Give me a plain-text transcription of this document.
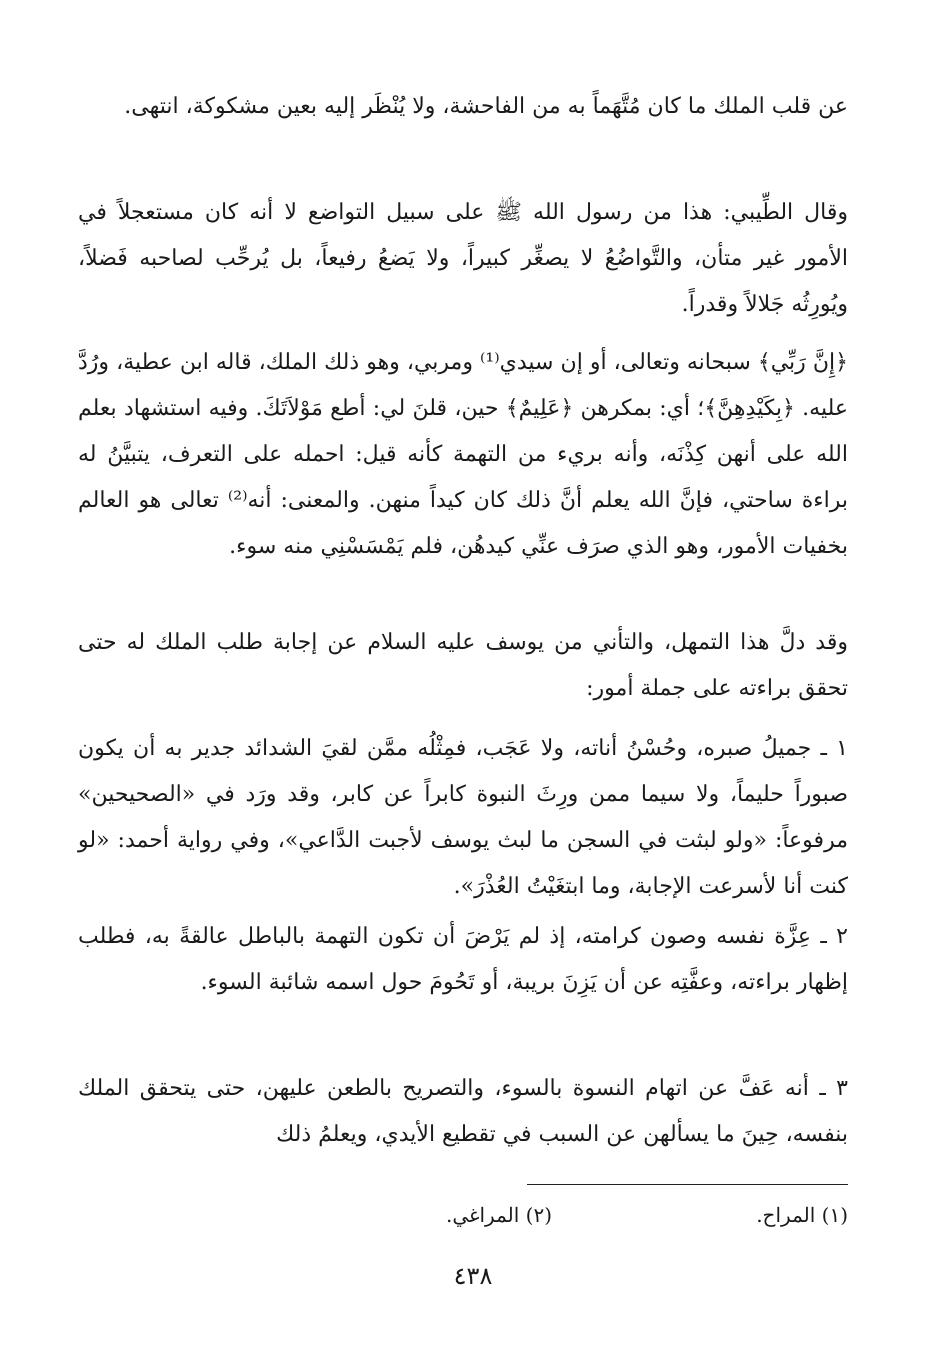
عن قلب الملك ما كان مُتَّهَماً به من الفاحشة، ولا يُنْظَر إليه بعين مشكوكة، انتهى.

وقال الطِّيبي: هذا من رسول الله ﷺ على سبيل التواضع لا أنه كان مستعجلاً في الأمور غير متأن، والتَّواضُعُ لا يصغِّر كبيراً، ولا يَضعُ رفيعاً، بل يُرحِّب لصاحبه فَضلاً، ويُورِثُه جَلالاً وقدراً.

﴿إِنَّ رَبِّي﴾ سبحانه وتعالى، أو إن سيدي⁽¹⁾ ومربي، وهو ذلك الملك، قاله ابن عطية، ورُدَّ عليه. ﴿بِكَيْدِهِنَّ﴾؛ أي: بمكرهن ﴿عَلِيمٌ﴾ حين، قلنَ لي: أطع مَوْلاَتَكَ. وفيه استشهاد بعلم الله على أنهن كِذْنَه، وأنه بريء من التهمة كأنه قيل: احمله على التعرف، يتبيَّنُ له براءة ساحتي، فإنَّ الله يعلم أنَّ ذلك كان كيداً منهن. والمعنى: أنه⁽²⁾ تعالى هو العالم بخفيات الأمور، وهو الذي صرَف عنِّي كيدهُن، فلم يَمْسَسْنِي منه سوء.

وقد دلَّ هذا التمهل، والتأني من يوسف عليه السلام عن إجابة طلب الملك له حتى تحقق براءته على جملة أمور:

١ ـ جميلُ صبره، وحُسْنُ أناته، ولا عَجَب، فمِثْلُه ممَّن لقيَ الشدائد جدير به أن يكون صبوراً حليماً، ولا سيما ممن ورِثَ النبوة كابراً عن كابر، وقد ورَد في «الصحيحين» مرفوعاً: «ولو لبثت في السجن ما لبث يوسف لأجبت الدَّاعي»، وفي رواية أحمد: «لو كنت أنا لأسرعت الإجابة، وما ابتغَيْتُ العُذْرَ».

٢ ـ عِزَّة نفسه وصون كرامته، إذ لم يَرْضَ أن تكون التهمة بالباطل عالقةً به، فطلب إظهار براءته، وعفَّتِه عن أن يَزِنَ بريبة، أو تَحُومَ حول اسمه شائبة السوء.

٣ ـ أنه عَفَّ عن اتهام النسوة بالسوء، والتصريح بالطعن عليهن، حتى يتحقق الملك بنفسه، حِينَ ما يسألهن عن السبب في تقطيع الأيدي، ويعلمُ ذلك

(١) المراح.
(٢) المراغي.
٤٣٨
